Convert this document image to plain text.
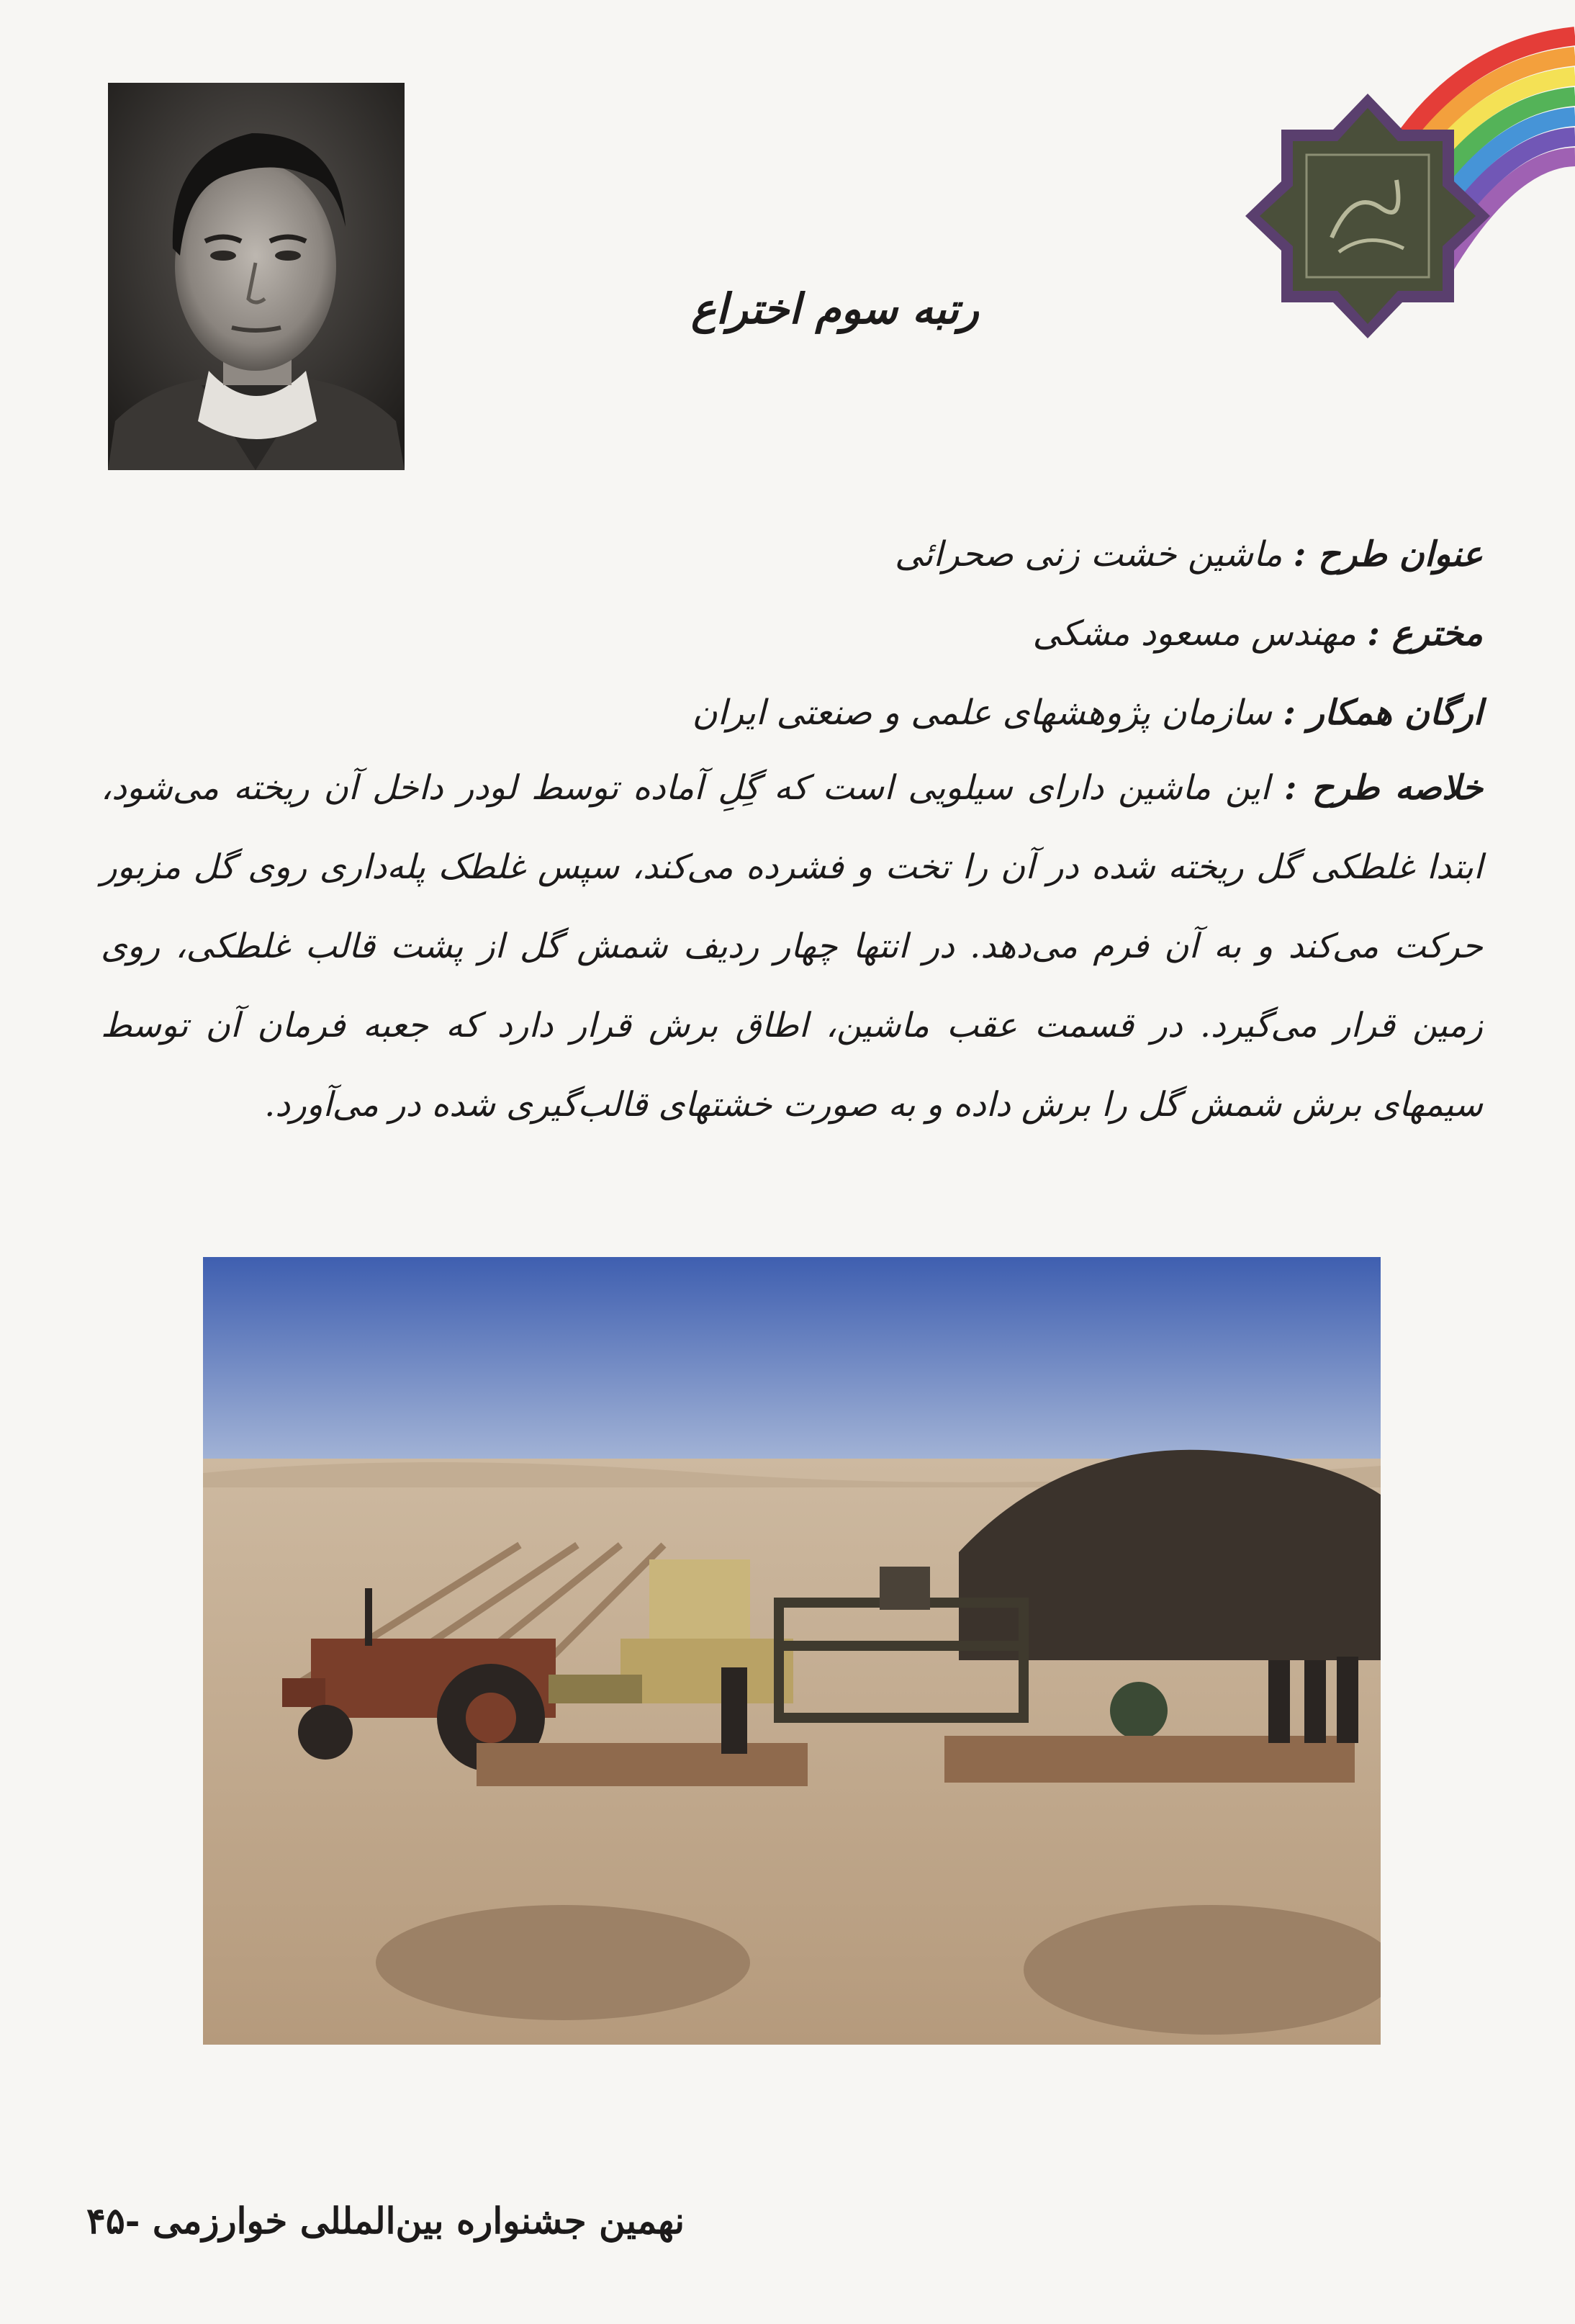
رتبه سوم اختراع
عنوان طرح : ماشین خشت زنی صحرائی
مخترع : مهندس مسعود مشکی
ارگان همکار : سازمان پژوهشهای علمی و صنعتی ایران
خلاصه طرح : این ماشین دارای سیلویی است که گِلِ آماده توسط لودر داخل آن ریخته می‌شود، ابتدا غلطکی گل ریخته شده در آن را تخت و فشرده می‌کند، سپس غلطک پله‌داری روی گل مزبور حرکت می‌کند و به آن فرم می‌دهد. در انتها چهار ردیف شمش گل از پشت قالب غلطکی، روی زمین قرار می‌گیرد. در قسمت عقب ماشین، اطاق برش قرار دارد که جعبه فرمان آن توسط سیمهای برش شمش گل را برش داده و به صورت خشتهای قالب‌گیری شده در می‌آورد.
نهمین جشنواره بین‌المللی خوارزمی -۴۵
